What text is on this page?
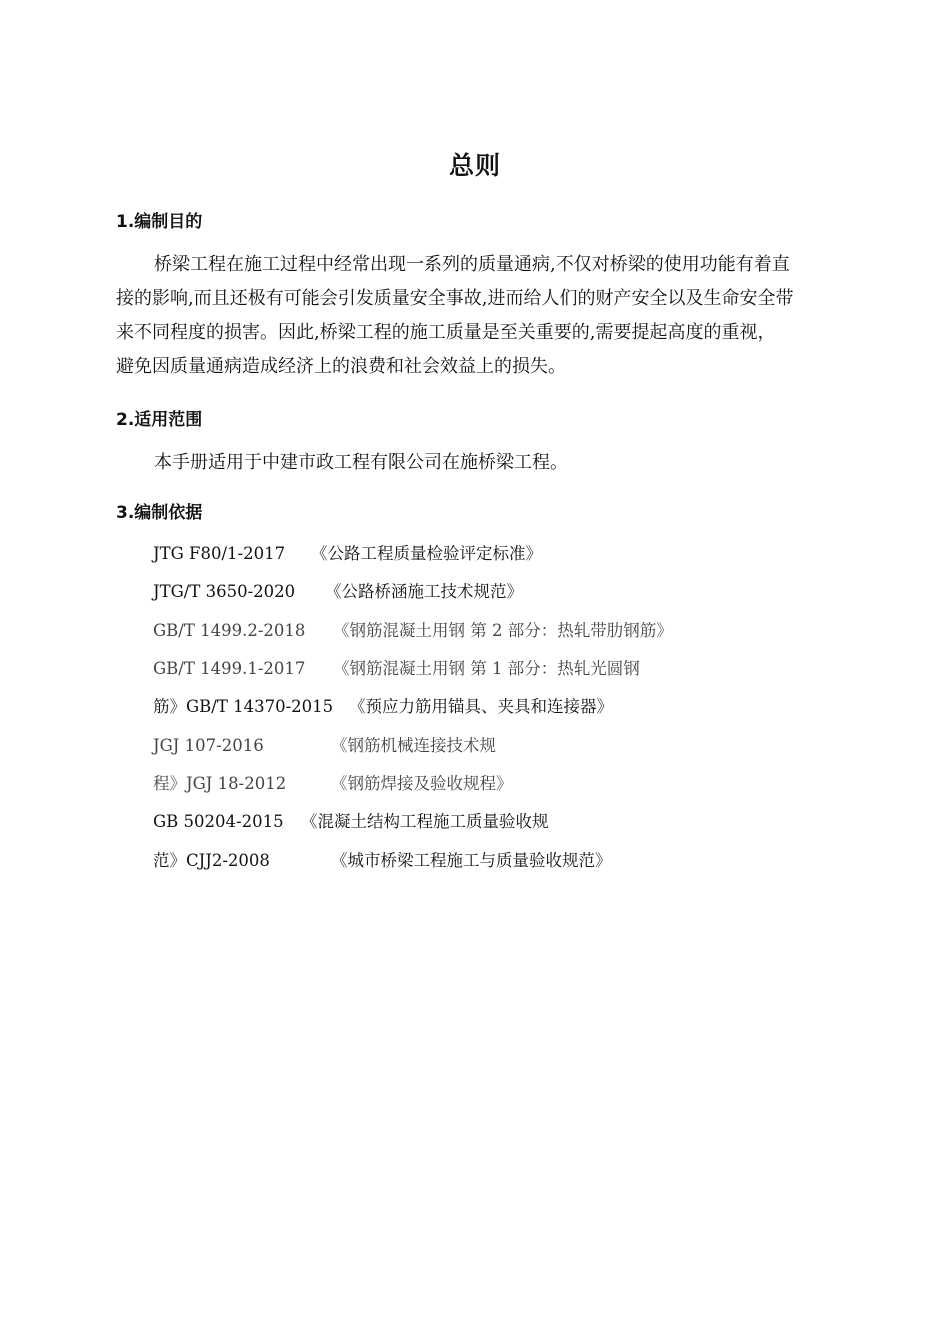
总则
1.编制目的
桥梁工程在施工过程中经常出现一系列的质量通病,不仅对桥梁的使用功能有着直
接的影响,而且还极有可能会引发质量安全事故,进而给人们的财产安全以及生命安全带
来不同程度的损害。因此,桥梁工程的施工质量是至关重要的,需要提起高度的重视，
避免因质量通病造成经济上的浪费和社会效益上的损失。
2.适用范围
本手册适用于中建市政工程有限公司在施桥梁工程。
3.编制依据
JTG F80/1-2017 《公路工程质量检验评定标准》
JTG/T 3650-2020 《公路桥涵施工技术规范》
GB/T 1499.2-2018 《钢筋混凝土用钢 第 2 部分：热轧带肋钢筋》
GB/T 1499.1-2017 《钢筋混凝土用钢 第 1 部分：热轧光圆钢
筋》GB/T 14370-2015 《预应力筋用锚具、夹具和连接器》
JGJ 107-2016	《钢筋机械连接技术规
程》JGJ 18-2012	《钢筋焊接及验收规程》
GB 50204-2015 《混凝土结构工程施工质量验收规
范》CJJ2-2008	《城市桥梁工程施工与质量验收规范》
